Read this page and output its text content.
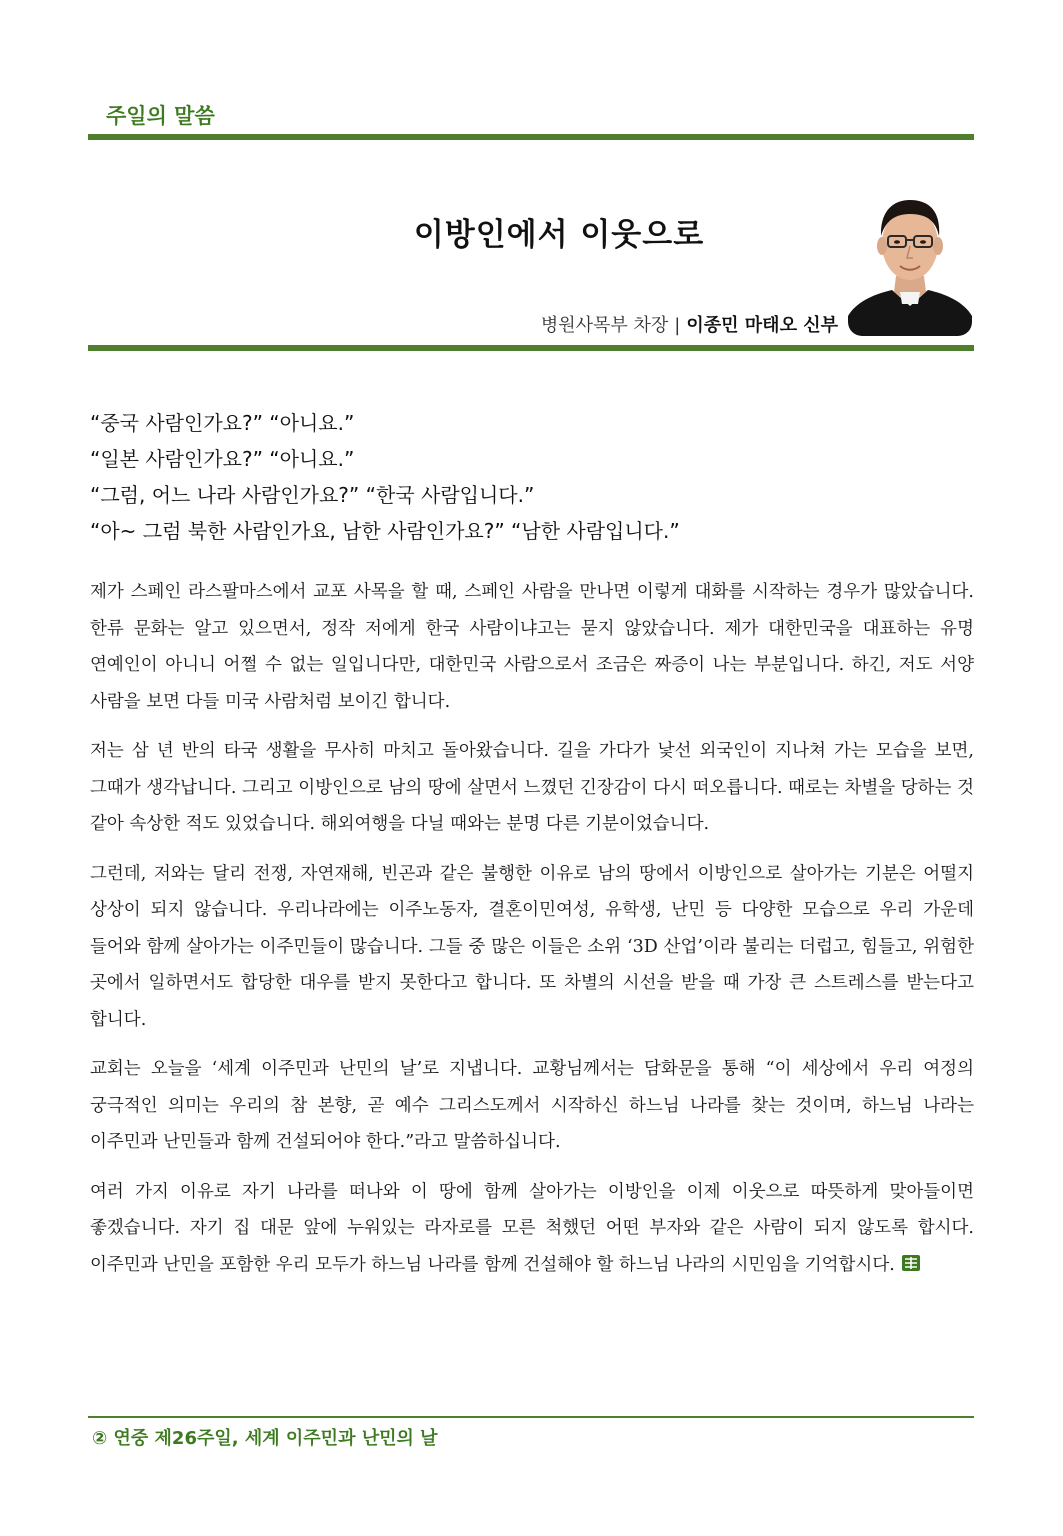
주일의 말씀
이방인에서 이웃으로
병원사목부 차장 | 이종민 마태오 신부
“중국 사람인가요?” “아니요.”
“일본 사람인가요?” “아니요.”
“그럼, 어느 나라 사람인가요?” “한국 사람입니다.”
“아~ 그럼 북한 사람인가요, 남한 사람인가요?” “남한 사람입니다.”

제가 스페인 라스팔마스에서 교포 사목을 할 때, 스페인 사람을 만나면 이렇게 대화를 시작하는 경우가 많았습니다. 한류 문화는 알고 있으면서, 정작 저에게 한국 사람이냐고는 묻지 않았습니다. 제가 대한민국을 대표하는 유명 연예인이 아니니 어쩔 수 없는 일입니다만, 대한민국 사람으로서 조금은 짜증이 나는 부분입니다. 하긴, 저도 서양 사람을 보면 다들 미국 사람처럼 보이긴 합니다.

저는 삼 년 반의 타국 생활을 무사히 마치고 돌아왔습니다. 길을 가다가 낯선 외국인이 지나쳐 가는 모습을 보면, 그때가 생각납니다. 그리고 이방인으로 남의 땅에 살면서 느꼈던 긴장감이 다시 떠오릅니다. 때로는 차별을 당하는 것 같아 속상한 적도 있었습니다. 해외여행을 다닐 때와는 분명 다른 기분이었습니다.

그런데, 저와는 달리 전쟁, 자연재해, 빈곤과 같은 불행한 이유로 남의 땅에서 이방인으로 살아가는 기분은 어떨지 상상이 되지 않습니다. 우리나라에는 이주노동자, 결혼이민여성, 유학생, 난민 등 다양한 모습으로 우리 가운데 들어와 함께 살아가는 이주민들이 많습니다. 그들 중 많은 이들은 소위 ‘3D 산업’이라 불리는 더럽고, 힘들고, 위험한 곳에서 일하면서도 합당한 대우를 받지 못한다고 합니다. 또 차별의 시선을 받을 때 가장 큰 스트레스를 받는다고 합니다.

교회는 오늘을 ‘세계 이주민과 난민의 날’로 지냅니다. 교황님께서는 담화문을 통해 “이 세상에서 우리 여정의 궁극적인 의미는 우리의 참 본향, 곧 예수 그리스도께서 시작하신 하느님 나라를 찾는 것이며, 하느님 나라는 이주민과 난민들과 함께 건설되어야 한다.”라고 말씀하십니다.

여러 가지 이유로 자기 나라를 떠나와 이 땅에 함께 살아가는 이방인을 이제 이웃으로 따뜻하게 맞아들이면 좋겠습니다. 자기 집 대문 앞에 누워있는 라자로를 모른 척했던 어떤 부자와 같은 사람이 되지 않도록 합시다. 이주민과 난민을 포함한 우리 모두가 하느님 나라를 함께 건설해야 할 하느님 나라의 시민임을 기억합시다.

② 연중 제26주일, 세계 이주민과 난민의 날
